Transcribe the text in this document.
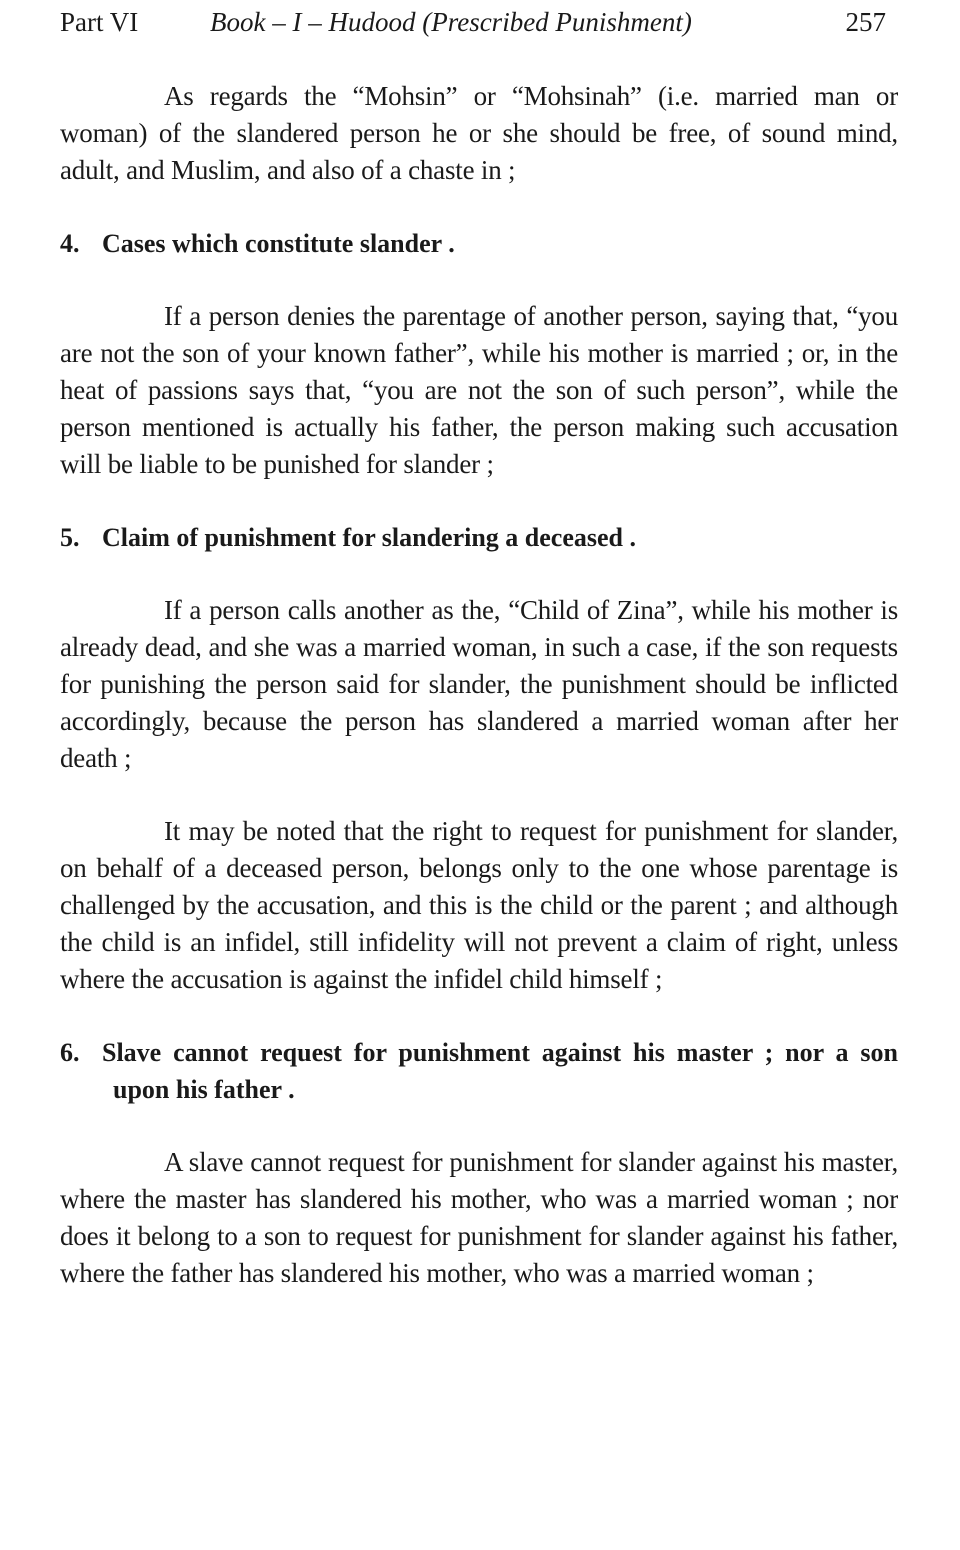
Part VI	Book – I – Hudood (Prescribed Punishment)	257

As regards the “Mohsin” or “Mohsinah” (i.e. married man or woman) of the slandered person he or she should be free, of sound mind, adult, and Muslim, and also of a chaste in ;

4. Cases which constitute slander .

If a person denies the parentage of another person, saying that, “you are not the son of your known father”, while his mother is married ; or, in the heat of passions says that, “you are not the son of such person”, while the person mentioned is actually his father, the person making such accusation will be liable to be punished for slander ;

5. Claim of punishment for slandering a deceased .

If a person calls another as the, “Child of Zina”, while his mother is already dead, and she was a married woman, in such a case, if the son requests for punishing the person said for slander, the punishment should be inflicted accordingly, because the person has slandered a married woman after her death ;

It may be noted that the right to request for punishment for slander, on behalf of a deceased person, belongs only to the one whose parentage is challenged by the accusation, and this is the child or the parent ; and although the child is an infidel, still infidelity will not prevent a claim of right, unless where the accusation is against the infidel child himself ;

6. Slave cannot request for punishment against his master ; nor a son upon his father .

A slave cannot request for punishment for slander against his master, where the master has slandered his mother, who was a married woman ; nor does it belong to a son to request for punishment for slander against his father, where the father has slandered his mother, who was a married woman ;
